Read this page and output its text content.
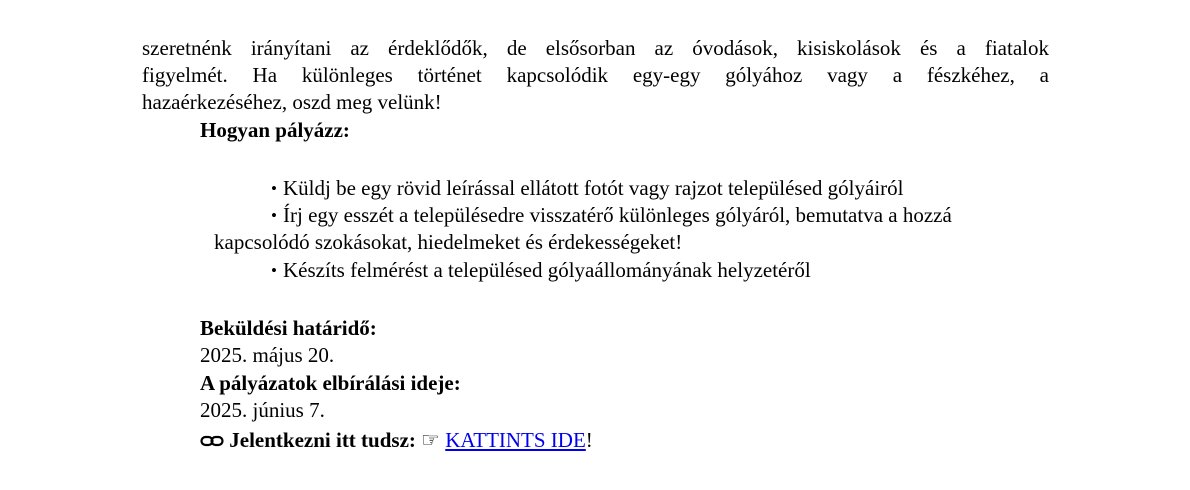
szeretnénk irányítani az érdeklődők, de elsősorban az óvodások, kisiskolások és a fiatalok
figyelmét. Ha különleges történet kapcsolódik egy-egy gólyához vagy a fészkéhez, a
hazaérkezéséhez, oszd meg velünk!
Hogyan pályázz:
• Küldj be egy rövid leírással ellátott fotót vagy rajzot településed gólyáiról
• Írj egy esszét a településedre visszatérő különleges gólyáról, bemutatva a hozzá
kapcsolódó szokásokat, hiedelmeket és érdekességeket!
• Készíts felmérést a településed gólyaállományának helyzetéről
Beküldési határidő:
2025. május 20.
A pályázatok elbírálási ideje:
2025. június 7.
Jelentkezni itt tudsz: ☞ KATTINTS IDE!
